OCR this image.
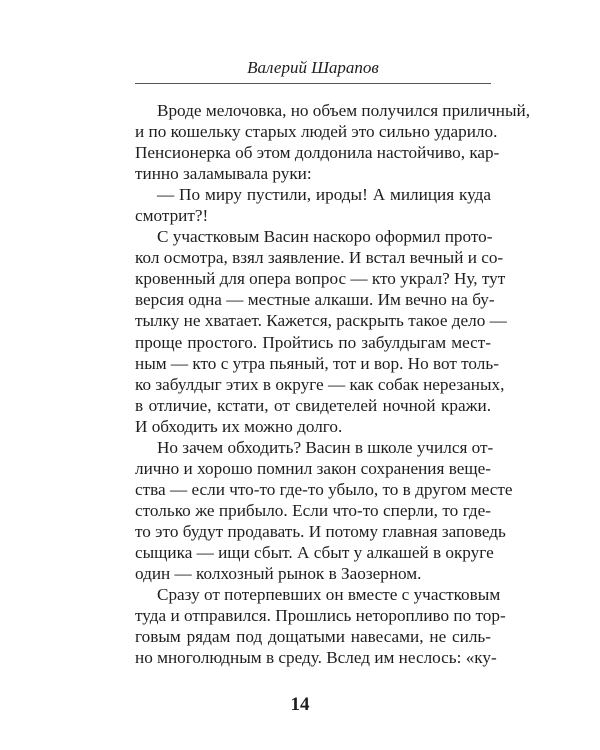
Валерий Шарапов
Вроде мелочовка, но объем получился приличный,
и по кошельку старых людей это сильно ударило.
Пенсионерка об этом долдонила настойчиво, кар-
тинно заламывала руки:
— По миру пустили, ироды! А милиция куда
смотрит?!
С участковым Васин наскоро оформил прото-
кол осмотра, взял заявление. И встал вечный и со-
кровенный для опера вопрос — кто украл? Ну, тут
версия одна — местные алкаши. Им вечно на бу-
тылку не хватает. Кажется, раскрыть такое дело —
проще простого. Пройтись по забулдыгам мест-
ным — кто с утра пьяный, тот и вор. Но вот толь-
ко забулдыг этих в округе — как собак нерезаных,
в отличие, кстати, от свидетелей ночной кражи.
И обходить их можно долго.
Но зачем обходить? Васин в школе учился от-
лично и хорошо помнил закон сохранения веще-
ства — если что-то где-то убыло, то в другом месте
столько же прибыло. Если что-то сперли, то где-
то это будут продавать. И потому главная заповедь
сыщика — ищи сбыт. А сбыт у алкашей в округе
один — колхозный рынок в Заозерном.
Сразу от потерпевших он вместе с участковым
туда и отправился. Прошлись неторопливо по тор-
говым рядам под дощатыми навесами, не силь-
но многолюдным в среду. Вслед им неслось: «ку-
14
